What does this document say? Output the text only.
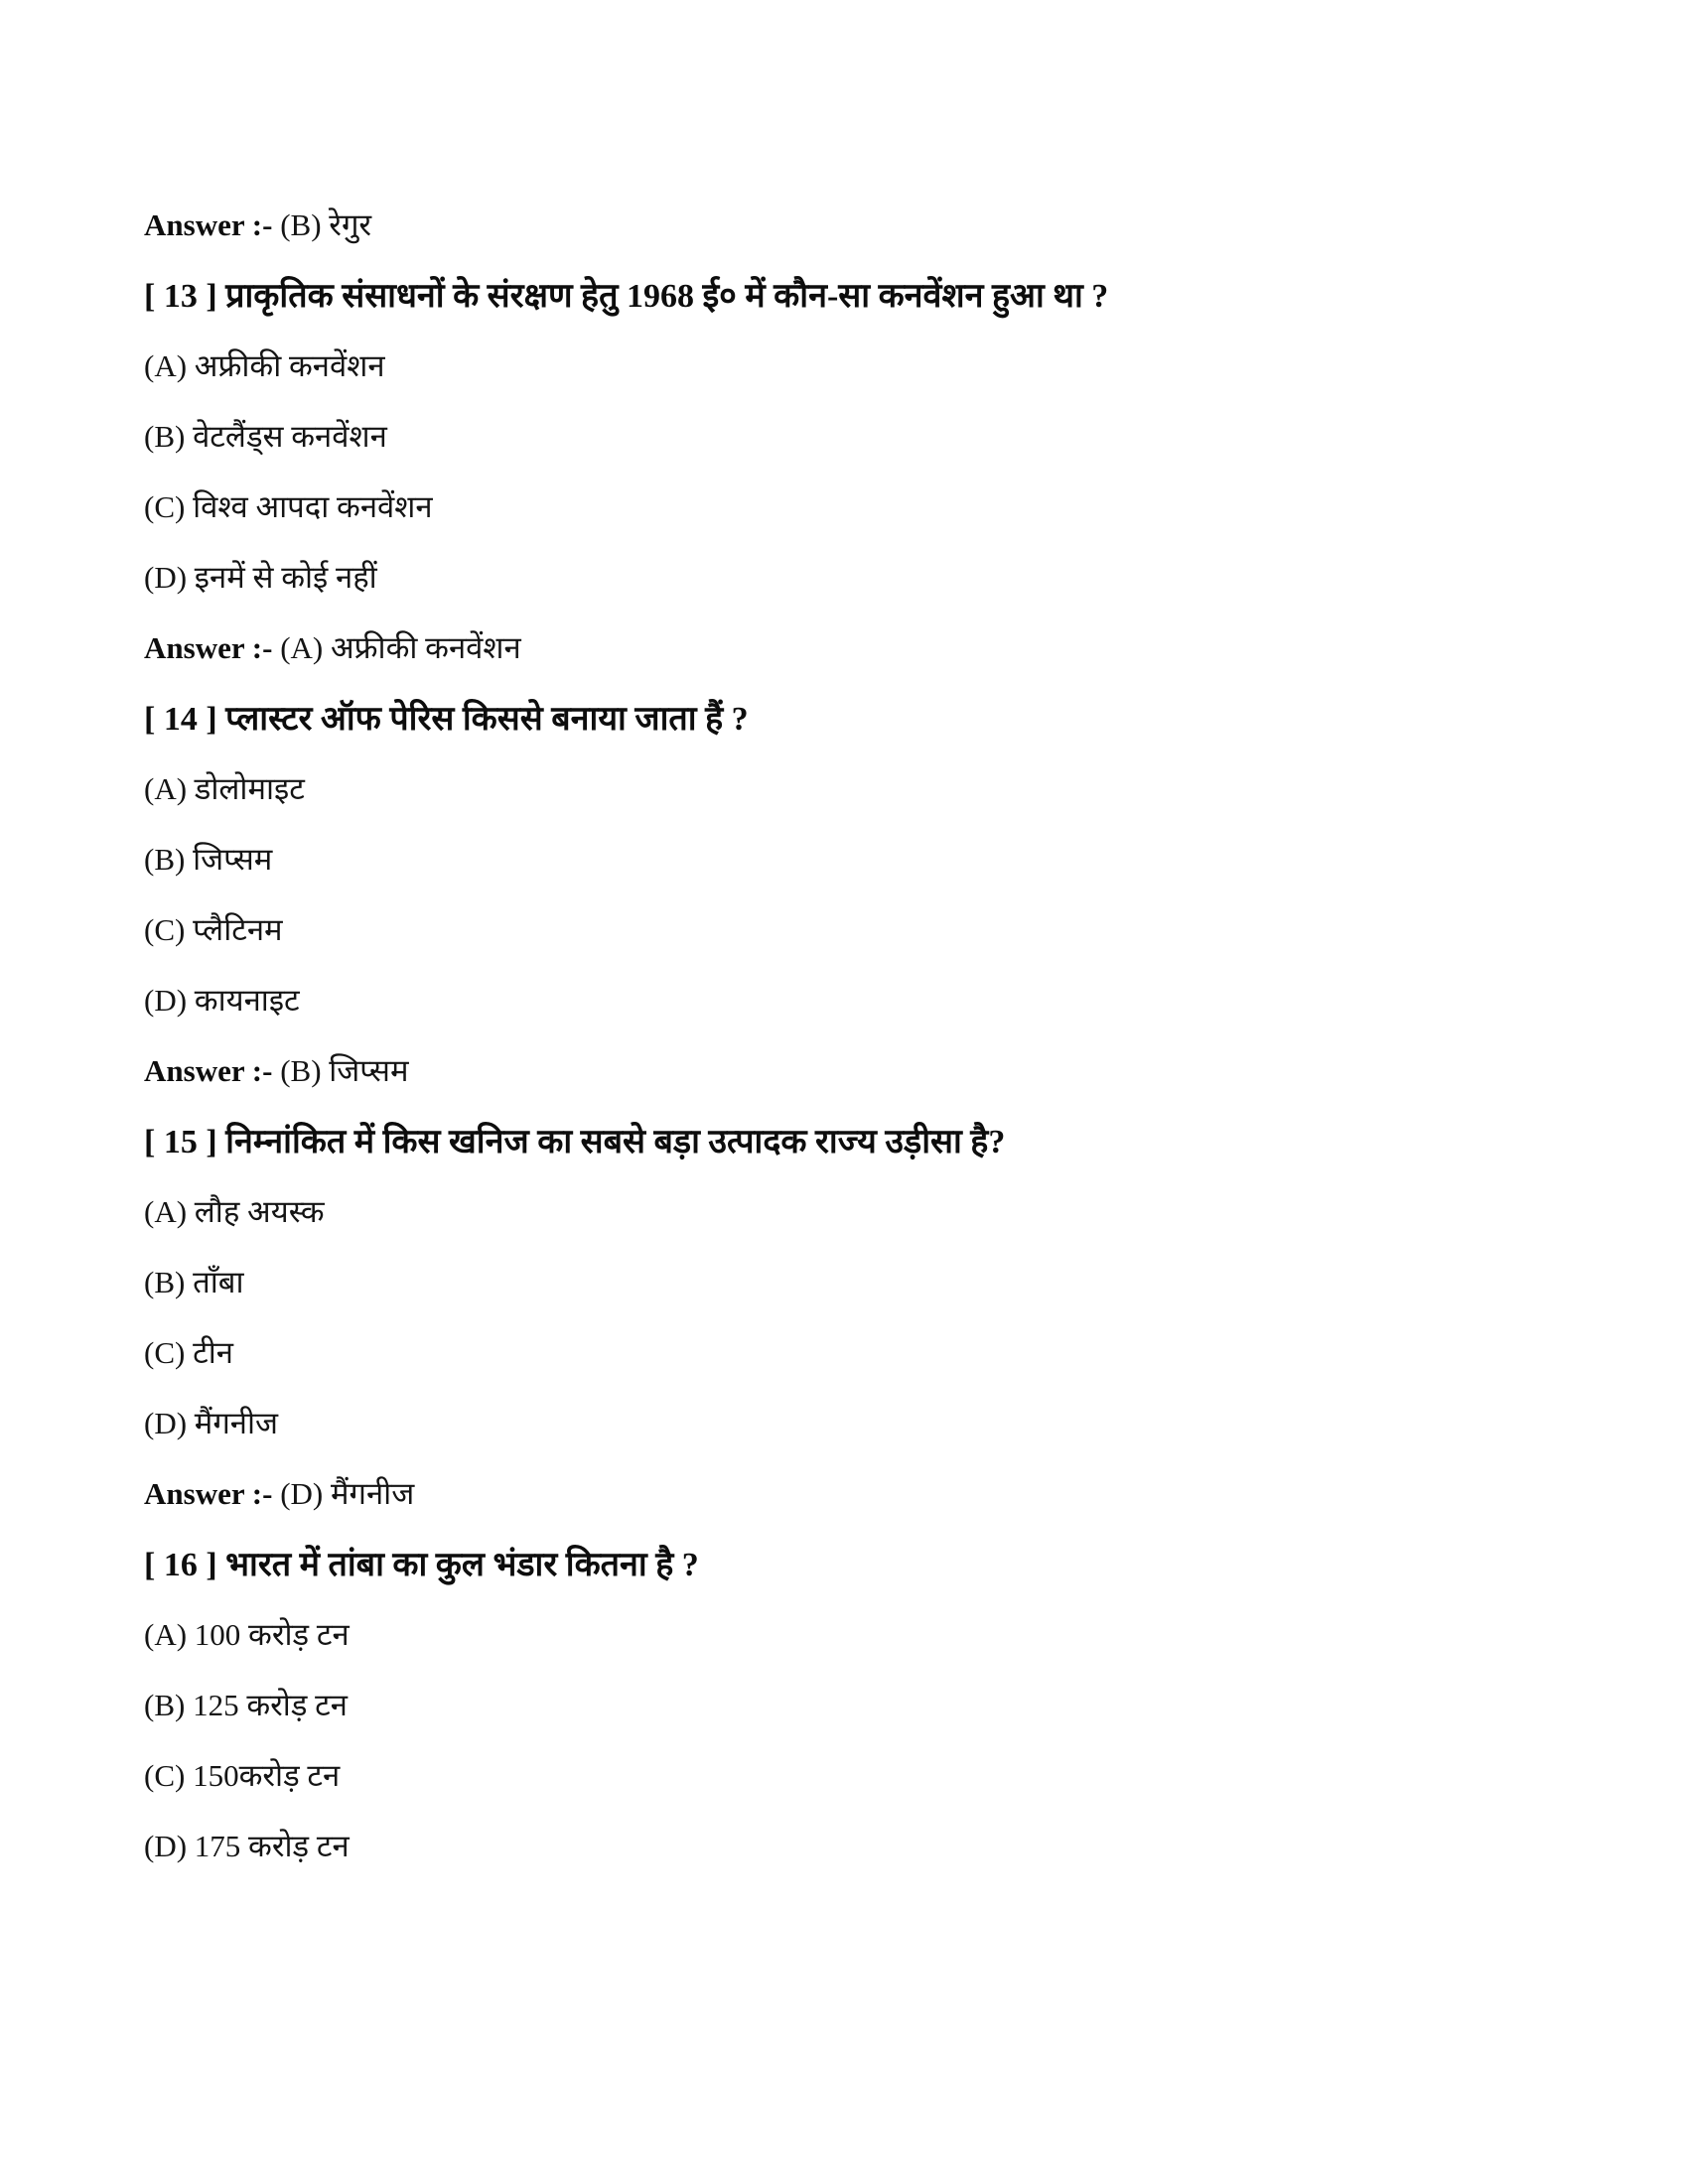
Answer :- (B) रेगुर
[ 13 ] प्राकृतिक संसाधनों के संरक्षण हेतु 1968 ई० में कौन-सा कनवेंशन हुआ था ?
(A) अफ्रीकी कनवेंशन
(B) वेटलैंड्स कनवेंशन
(C) विश्व आपदा कनवेंशन
(D) इनमें से कोई नहीं
Answer :- (A) अफ्रीकी कनवेंशन
[ 14 ] प्लास्टर ऑफ पेरिस किससे बनाया जाता हैं ?
(A) डोलोमाइट
(B) जिप्सम
(C) प्लैटिनम
(D) कायनाइट
Answer :- (B) जिप्सम
[ 15 ] निम्नांकित में किस खनिज का सबसे बड़ा उत्पादक राज्य उड़ीसा है?
(A) लौह अयस्क
(B) ताँबा
(C) टीन
(D) मैंगनीज
Answer :- (D) मैंगनीज
[ 16 ] भारत में तांबा का कुल भंडार कितना है ?
(A) 100 करोड़ टन
(B) 125 करोड़ टन
(C) 150करोड़ टन
(D) 175 करोड़ टन
